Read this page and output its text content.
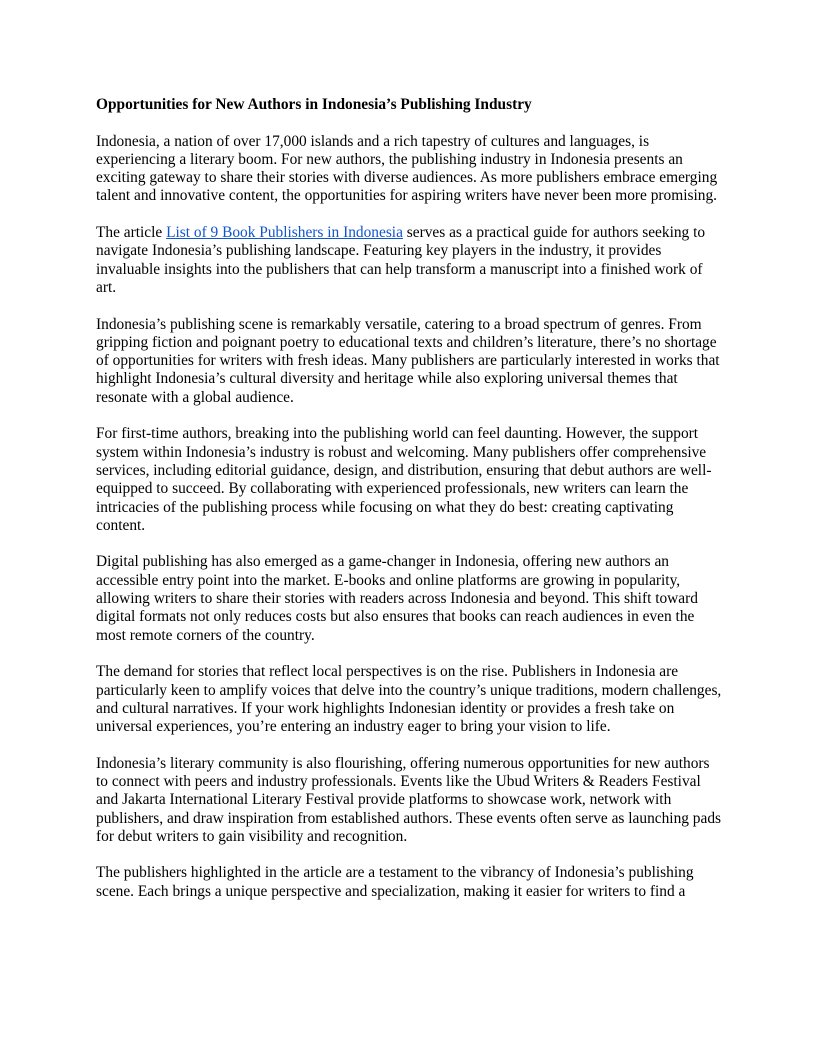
Opportunities for New Authors in Indonesia’s Publishing Industry

Indonesia, a nation of over 17,000 islands and a rich tapestry of cultures and languages, is experiencing a literary boom. For new authors, the publishing industry in Indonesia presents an exciting gateway to share their stories with diverse audiences. As more publishers embrace emerging talent and innovative content, the opportunities for aspiring writers have never been more promising.

The article List of 9 Book Publishers in Indonesia serves as a practical guide for authors seeking to navigate Indonesia’s publishing landscape. Featuring key players in the industry, it provides invaluable insights into the publishers that can help transform a manuscript into a finished work of art.

Indonesia’s publishing scene is remarkably versatile, catering to a broad spectrum of genres. From gripping fiction and poignant poetry to educational texts and children’s literature, there’s no shortage of opportunities for writers with fresh ideas. Many publishers are particularly interested in works that highlight Indonesia’s cultural diversity and heritage while also exploring universal themes that resonate with a global audience.

For first-time authors, breaking into the publishing world can feel daunting. However, the support system within Indonesia’s industry is robust and welcoming. Many publishers offer comprehensive services, including editorial guidance, design, and distribution, ensuring that debut authors are well-equipped to succeed. By collaborating with experienced professionals, new writers can learn the intricacies of the publishing process while focusing on what they do best: creating captivating content.

Digital publishing has also emerged as a game-changer in Indonesia, offering new authors an accessible entry point into the market. E-books and online platforms are growing in popularity, allowing writers to share their stories with readers across Indonesia and beyond. This shift toward digital formats not only reduces costs but also ensures that books can reach audiences in even the most remote corners of the country.

The demand for stories that reflect local perspectives is on the rise. Publishers in Indonesia are particularly keen to amplify voices that delve into the country’s unique traditions, modern challenges, and cultural narratives. If your work highlights Indonesian identity or provides a fresh take on universal experiences, you’re entering an industry eager to bring your vision to life.

Indonesia’s literary community is also flourishing, offering numerous opportunities for new authors to connect with peers and industry professionals. Events like the Ubud Writers & Readers Festival and Jakarta International Literary Festival provide platforms to showcase work, network with publishers, and draw inspiration from established authors. These events often serve as launching pads for debut writers to gain visibility and recognition.

The publishers highlighted in the article are a testament to the vibrancy of Indonesia’s publishing scene. Each brings a unique perspective and specialization, making it easier for writers to find a
